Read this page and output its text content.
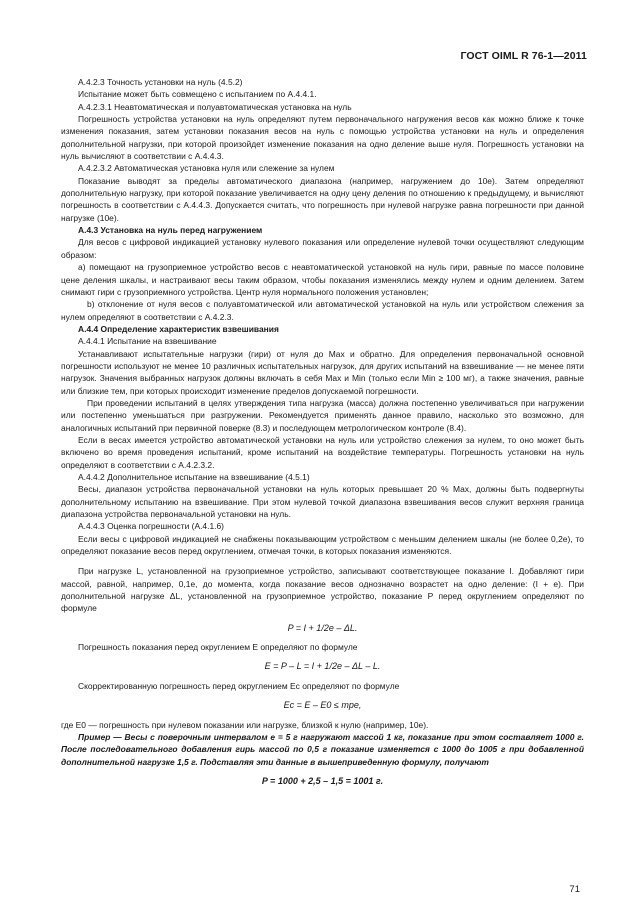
ГОСТ OIML R 76-1—2011

А.4.2.3 Точность установки на нуль (4.5.2)

Испытание может быть совмещено с испытанием по А.4.4.1.

А.4.2.3.1 Неавтоматическая и полуавтоматическая установка на нуль

Погрешность устройства установки на нуль определяют путем первоначального нагружения весов как можно ближе к точке изменения показания, затем установки показания весов на нуль с помощью устройства установки на нуль и определения дополнительной нагрузки, при которой произойдет изменение показания на одно деление выше нуля. Погрешность установки на нуль вычисляют в соответствии с А.4.4.3.

А.4.2.3.2 Автоматическая установка нуля или слежение за нулем

Показание выводят за пределы автоматического диапазона (например, нагружением до 10е). Затем определяют дополнительную нагрузку, при которой показание увеличивается на одну цену деления по отношению к предыдущему, и вычисляют погрешность в соответствии с А.4.4.3. Допускается считать, что погрешность при нулевой нагрузке равна погрешности при данной нагрузке (10е).

А.4.3 Установка на нуль перед нагружением

Для весов с цифровой индикацией установку нулевого показания или определение нулевой точки осуществляют следующим образом:

а) помещают на грузоприемное устройство весов с неавтоматической установкой на нуль гири, равные по массе половине цене деления шкалы, и настраивают весы таким образом, чтобы показания изменялись между нулем и одним делением. Затем снимают гири с грузоприемного устройства. Центр нуля нормального положения установлен;

b) отклонение от нуля весов с полуавтоматической или автоматической установкой на нуль или устройством слежения за нулем определяют в соответствии с А.4.2.3.

А.4.4 Определение характеристик взвешивания

А.4.4.1 Испытание на взвешивание

Устанавливают испытательные нагрузки (гири) от нуля до Max и обратно. Для определения первоначальной основной погрешности используют не менее 10 различных испытательных нагрузок, для других испытаний на взвешивание — не менее пяти нагрузок. Значения выбранных нагрузок должны включать в себя Max и Min (только если Min ≥ 100 мг), а также значения, равные или близкие тем, при которых происходит изменение пределов допускаемой погрешности.

При проведении испытаний в целях утверждения типа нагрузка (масса) должна постепенно увеличиваться при нагружении или постепенно уменьшаться при разгружении. Рекомендуется применять данное правило, насколько это возможно, для аналогичных испытаний при первичной поверке (8.3) и последующем метрологическом контроле (8.4).

Если в весах имеется устройство автоматической установки на нуль или устройство слежения за нулем, то оно может быть включено во время проведения испытаний, кроме испытаний на воздействие температуры. Погрешность установки на нуль определяют в соответствии с А.4.2.3.2.

А.4.4.2 Дополнительное испытание на взвешивание (4.5.1)

Весы, диапазон устройства первоначальной установки на нуль которых превышает 20 % Max, должны быть подвергнуты дополнительному испытанию на взвешивание. При этом нулевой точкой диапазона взвешивания весов служит верхняя граница диапазона устройства первоначальной установки на нуль.

А.4.4.3 Оценка погрешности (А.4.1.6)

Если весы с цифровой индикацией не снабжены показывающим устройством с меньшим делением шкалы (не более 0,2е), то определяют показание весов перед округлением, отмечая точки, в которых показания изменяются.

При нагрузке L, установленной на грузоприемное устройство, записывают соответствующее показание I. Добавляют гири массой, равной, например, 0,1е, до момента, когда показание весов однозначно возрастет на одно деление: (I + е). При дополнительной нагрузке ΔL, установленной на грузоприемное устройство, показание P перед округлением определяют по формуле

P = I + 1/2е – ΔL.

Погрешность показания перед округлением E определяют по формуле

E = P – L = I + 1/2е – ΔL – L.

Скорректированную погрешность перед округлением Ec определяют по формуле

Ec = E – E0 ≤ mpe,

где E0 — погрешность при нулевом показании или нагрузке, близкой к нулю (например, 10е).

Пример — Весы с поверочным интервалом е = 5 г нагружают массой 1 кг, показание при этом составляет 1000 г. После последовательного добавления гирь массой по 0,5 г показание изменяется с 1000 до 1005 г при добавленной дополнительной нагрузке 1,5 г. Подставляя эти данные в вышеприведенную формулу, получают

P = 1000 + 2,5 – 1,5 = 1001 г.

71
